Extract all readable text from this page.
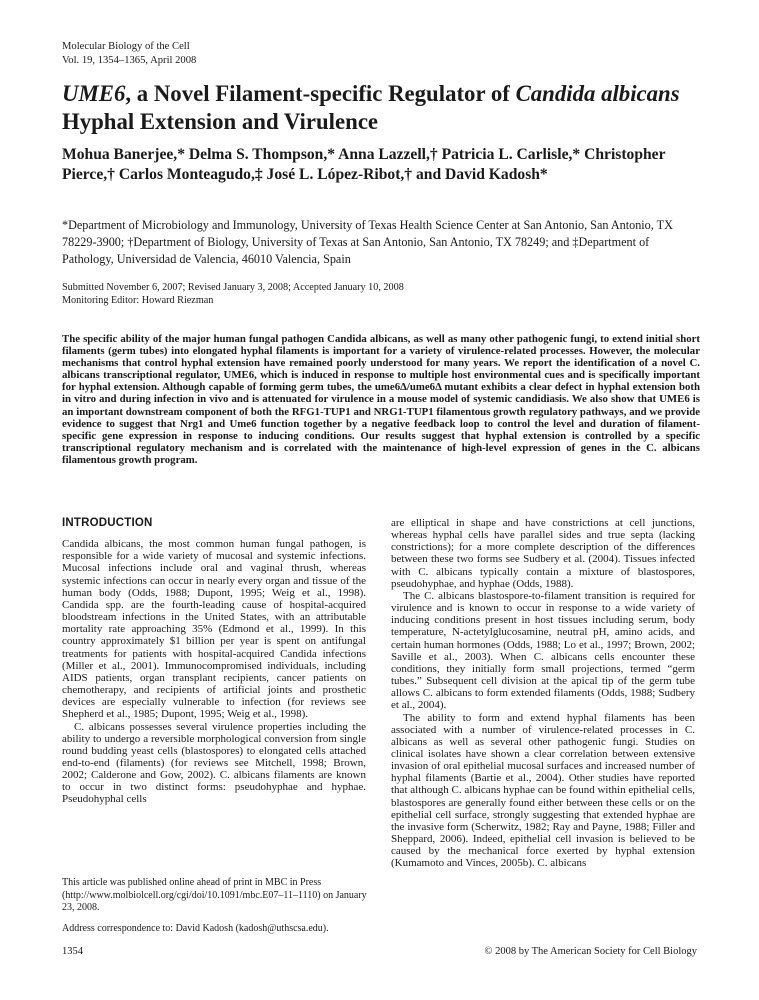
Molecular Biology of the Cell
Vol. 19, 1354–1365, April 2008
UME6, a Novel Filament-specific Regulator of Candida albicans Hyphal Extension and Virulence
Mohua Banerjee,* Delma S. Thompson,* Anna Lazzell,† Patricia L. Carlisle,* Christopher Pierce,† Carlos Monteagudo,‡ José L. López-Ribot,† and David Kadosh*
*Department of Microbiology and Immunology, University of Texas Health Science Center at San Antonio, San Antonio, TX 78229-3900; †Department of Biology, University of Texas at San Antonio, San Antonio, TX 78249; and ‡Department of Pathology, Universidad de Valencia, 46010 Valencia, Spain
Submitted November 6, 2007; Revised January 3, 2008; Accepted January 10, 2008
Monitoring Editor: Howard Riezman
The specific ability of the major human fungal pathogen Candida albicans, as well as many other pathogenic fungi, to extend initial short filaments (germ tubes) into elongated hyphal filaments is important for a variety of virulence-related processes. However, the molecular mechanisms that control hyphal extension have remained poorly understood for many years. We report the identification of a novel C. albicans transcriptional regulator, UME6, which is induced in response to multiple host environmental cues and is specifically important for hyphal extension. Although capable of forming germ tubes, the ume6Δ/ume6Δ mutant exhibits a clear defect in hyphal extension both in vitro and during infection in vivo and is attenuated for virulence in a mouse model of systemic candidiasis. We also show that UME6 is an important downstream component of both the RFG1-TUP1 and NRG1-TUP1 filamentous growth regulatory pathways, and we provide evidence to suggest that Nrg1 and Ume6 function together by a negative feedback loop to control the level and duration of filament-specific gene expression in response to inducing conditions. Our results suggest that hyphal extension is controlled by a specific transcriptional regulatory mechanism and is correlated with the maintenance of high-level expression of genes in the C. albicans filamentous growth program.
INTRODUCTION

Candida albicans, the most common human fungal pathogen, is responsible for a wide variety of mucosal and systemic infections. Mucosal infections include oral and vaginal thrush, whereas systemic infections can occur in nearly every organ and tissue of the human body (Odds, 1988; Dupont, 1995; Weig et al., 1998). Candida spp. are the fourth-leading cause of hospital-acquired bloodstream infections in the United States, with an attributable mortality rate approaching 35% (Edmond et al., 1999). In this country approximately $1 billion per year is spent on antifungal treatments for patients with hospital-acquired Candida infections (Miller et al., 2001). Immunocompromised individuals, including AIDS patients, organ transplant recipients, cancer patients on chemotherapy, and recipients of artificial joints and prosthetic devices are especially vulnerable to infection (for reviews see Shepherd et al., 1985; Dupont, 1995; Weig et al., 1998).

C. albicans possesses several virulence properties including the ability to undergo a reversible morphological conversion from single round budding yeast cells (blastospores) to elongated cells attached end-to-end (filaments) (for reviews see Mitchell, 1998; Brown, 2002; Calderone and Gow, 2002). C. albicans filaments are known to occur in two distinct forms: pseudohyphae and hyphae. Pseudohyphal cells

are elliptical in shape and have constrictions at cell junctions, whereas hyphal cells have parallel sides and true septa (lacking constrictions); for a more complete description of the differences between these two forms see Sudbery et al. (2004). Tissues infected with C. albicans typically contain a mixture of blastospores, pseudohyphae, and hyphae (Odds, 1988).

The C. albicans blastospore-to-filament transition is required for virulence and is known to occur in response to a wide variety of inducing conditions present in host tissues including serum, body temperature, N-actetylglucosamine, neutral pH, amino acids, and certain human hormones (Odds, 1988; Lo et al., 1997; Brown, 2002; Saville et al., 2003). When C. albicans cells encounter these conditions, they initially form small projections, termed “germ tubes.” Subsequent cell division at the apical tip of the germ tube allows C. albicans to form extended filaments (Odds, 1988; Sudbery et al., 2004).

The ability to form and extend hyphal filaments has been associated with a number of virulence-related processes in C. albicans as well as several other pathogenic fungi. Studies on clinical isolates have shown a clear correlation between extensive invasion of oral epithelial mucosal surfaces and increased number of hyphal filaments (Bartie et al., 2004). Other studies have reported that although C. albicans hyphae can be found within epithelial cells, blastospores are generally found either between these cells or on the epithelial cell surface, strongly suggesting that extended hyphae are the invasive form (Scherwitz, 1982; Ray and Payne, 1988; Filler and Sheppard, 2006). Indeed, epithelial cell invasion is believed to be caused by the mechanical force exerted by hyphal extension (Kumamoto and Vinces, 2005b). C. albicans

This article was published online ahead of print in MBC in Press (http://www.molbiolcell.org/cgi/doi/10.1091/mbc.E07–11–1110) on January 23, 2008.

Address correspondence to: David Kadosh (kadosh@uthscsa.edu).

1354	© 2008 by The American Society for Cell Biology
